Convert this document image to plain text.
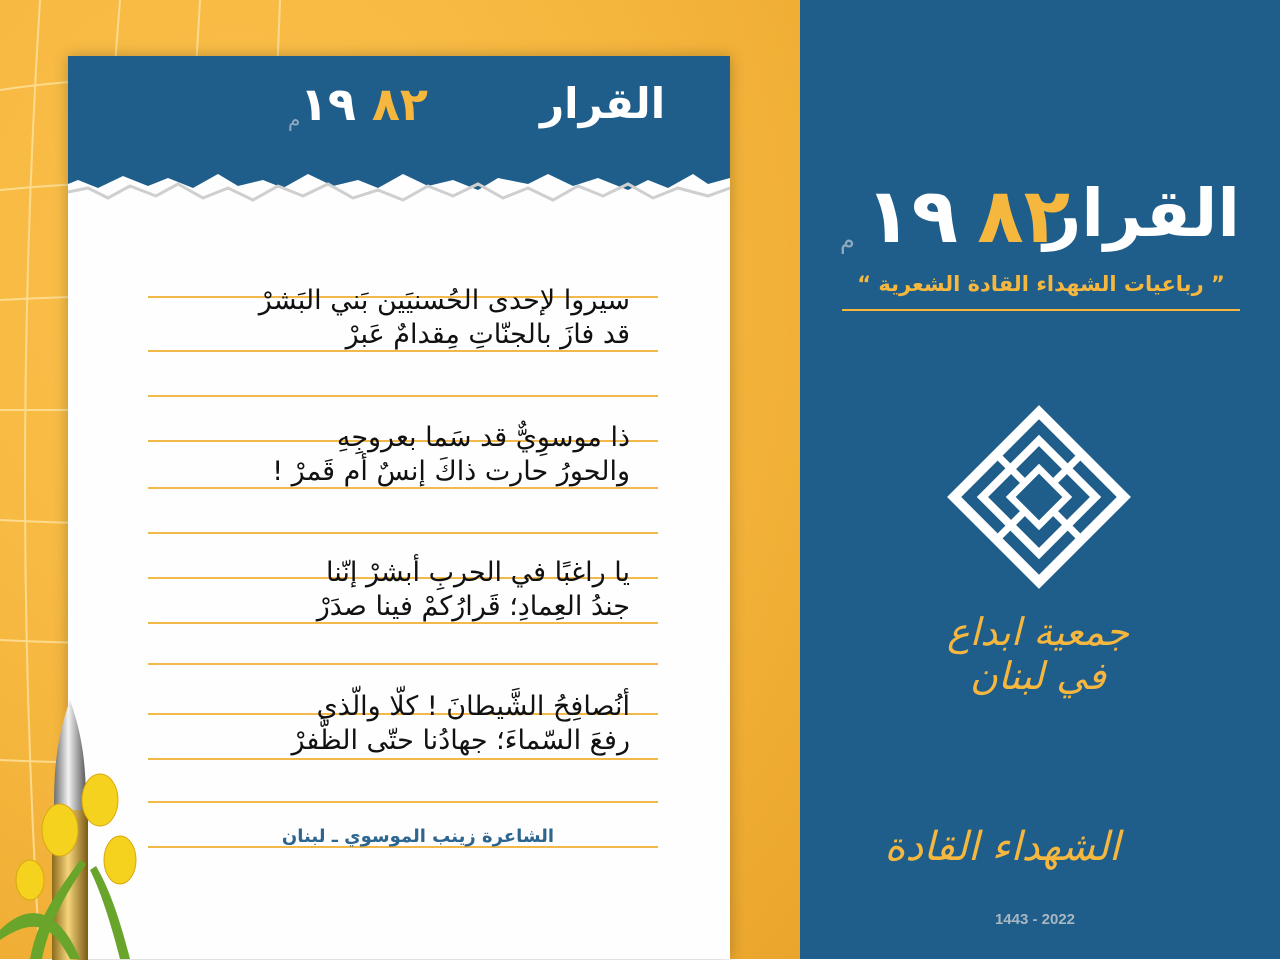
القرار
٨٢
١٩
م
سيروا لإحدى الحُسنيَين بَني البَشرْ
قد فازَ بالجنّاتِ مِقدامٌ عَبرْ
ذا موسوِيٌّ قد سَما بعروجِهِ
والحورُ حارت ذاكَ إنسٌ أم قَمرْ !
يا راغبًا في الحربِ أبشرْ إنّنا
جندُ العِمادِ؛ قَرارُكمْ فينا صدَرْ
أنُصافِحُ الشَّيطانَ ! كلّا والّذي
رفعَ السّماءَ؛ جهادُنا حتّى الظَّفرْ
الشاعرة زينب الموسوي ـ لبنان
القرار
٨٢
١٩
م
” رباعيات الشهداء القادة الشعرية “
جمعية ابداع في لبنان
الشهداء القادة
1443 - 2022
